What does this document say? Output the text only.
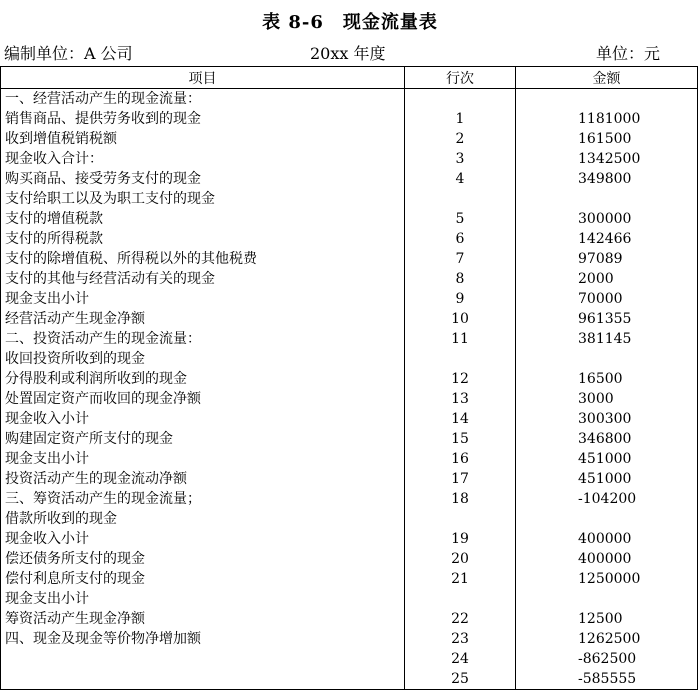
表 8-6　现金流量表
编制单位：A 公司	20xx 年度	单位：元
项目	行次	金额
一、经营活动产生的现金流量：		
销售商品、提供劳务收到的现金	1	1181000
收到增值税销税额	2	161500
现金收入合计：	3	1342500
购买商品、接受劳务支付的现金	4	349800
支付给职工以及为职工支付的现金		
支付的增值税款	5	300000
支付的所得税款	6	142466
支付的除增值税、所得税以外的其他税费	7	97089
支付的其他与经营活动有关的现金	8	2000
现金支出小计	9	70000
经营活动产生现金净额	10	961355
二、投资活动产生的现金流量：	11	381145
收回投资所收到的现金		
分得股利或利润所收到的现金	12	16500
处置固定资产而收回的现金净额	13	3000
现金收入小计	14	300300
购建固定资产所支付的现金	15	346800
现金支出小计	16	451000
投资活动产生的现金流动净额	17	451000
三、筹资活动产生的现金流量；	18	-104200
借款所收到的现金		
现金收入小计	19	400000
偿还债务所支付的现金	20	400000
偿付利息所支付的现金	21	1250000
现金支出小计		
筹资活动产生现金净额	22	12500
四、现金及现金等价物净增加额	23	1262500
	24	-862500
	25	-585555
